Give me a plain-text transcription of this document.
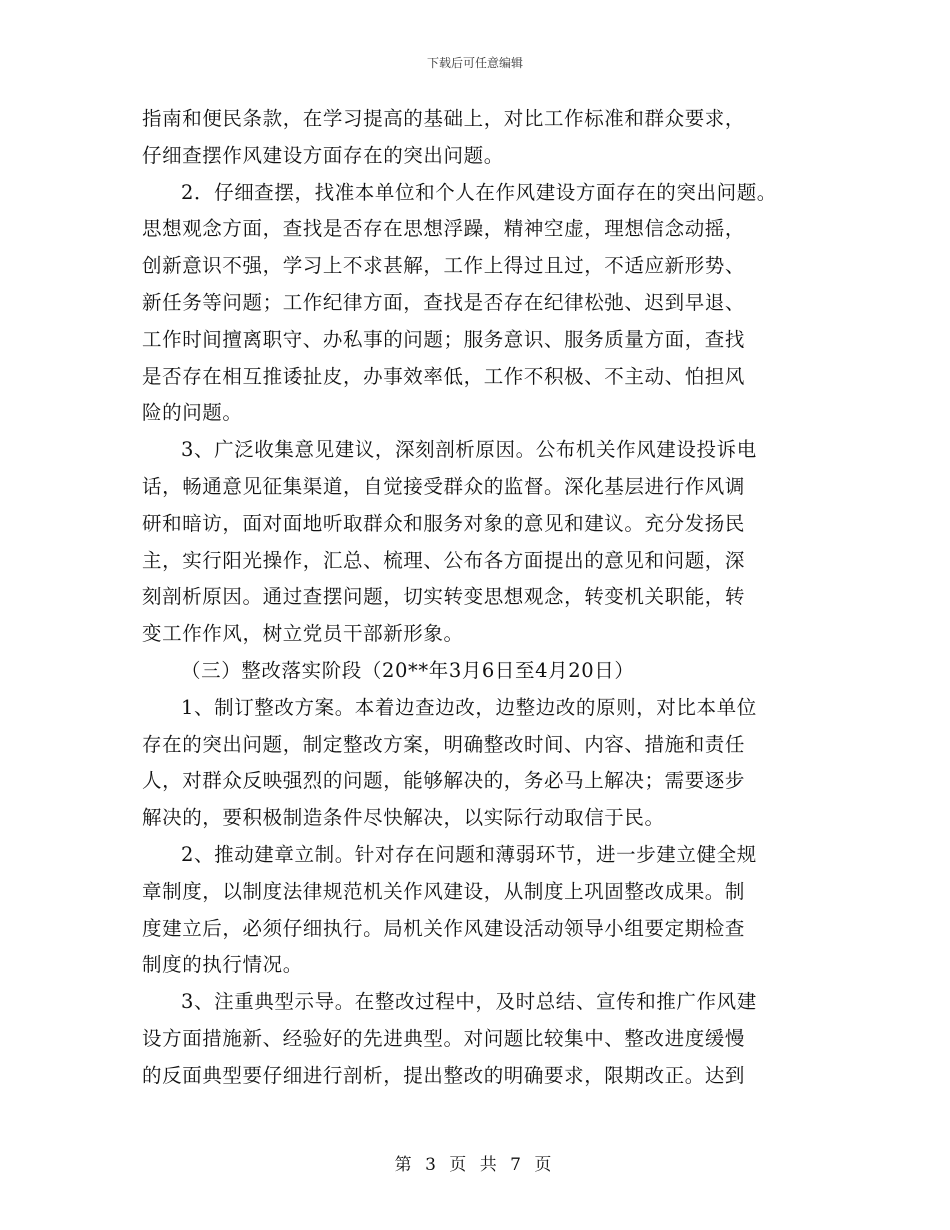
下载后可任意编辑
指南和便民条款，在学习提高的基础上，对比工作标准和群众要求，
仔细查摆作风建设方面存在的突出问题。
2．仔细查摆，找准本单位和个人在作风建设方面存在的突出问题。
思想观念方面，查找是否存在思想浮躁，精神空虚，理想信念动摇，
创新意识不强，学习上不求甚解，工作上得过且过，不适应新形势、
新任务等问题；工作纪律方面，查找是否存在纪律松弛、迟到早退、
工作时间擅离职守、办私事的问题；服务意识、服务质量方面，查找
是否存在相互推诿扯皮，办事效率低，工作不积极、不主动、怕担风
险的问题。
3、广泛收集意见建议，深刻剖析原因。公布机关作风建设投诉电
话，畅通意见征集渠道，自觉接受群众的监督。深化基层进行作风调
研和暗访，面对面地听取群众和服务对象的意见和建议。充分发扬民
主，实行阳光操作，汇总、梳理、公布各方面提出的意见和问题，深
刻剖析原因。通过查摆问题，切实转变思想观念，转变机关职能，转
变工作作风，树立党员干部新形象。
（三）整改落实阶段（20**年3月6日至4月20日）
1、制订整改方案。本着边查边改，边整边改的原则，对比本单位
存在的突出问题，制定整改方案，明确整改时间、内容、措施和责任
人，对群众反映强烈的问题，能够解决的，务必马上解决；需要逐步
解决的，要积极制造条件尽快解决，以实际行动取信于民。
2、推动建章立制。针对存在问题和薄弱环节，进一步建立健全规
章制度，以制度法律规范机关作风建设，从制度上巩固整改成果。制
度建立后，必须仔细执行。局机关作风建设活动领导小组要定期检查
制度的执行情况。
3、注重典型示导。在整改过程中，及时总结、宣传和推广作风建
设方面措施新、经验好的先进典型。对问题比较集中、整改进度缓慢
的反面典型要仔细进行剖析，提出整改的明确要求，限期改正。达到
第 3 页 共 7 页
